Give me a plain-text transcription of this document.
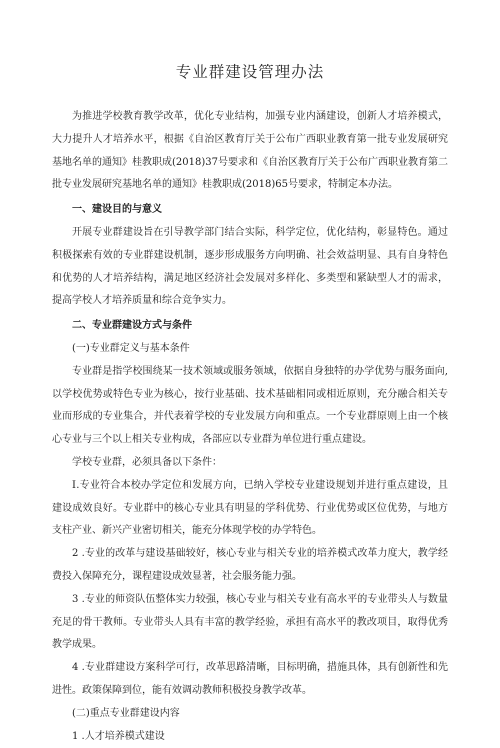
专业群建设管理办法

为推进学校教育教学改革，优化专业结构，加强专业内涵建设，创新人才培养模式，大力提升人才培养水平，根据《自治区教育厅关于公布广西职业教育第一批专业发展研究基地名单的通知》桂教职成(2018)37号要求和《自治区教育厅关于公布广西职业教育第二批专业发展研究基地名单的通知》桂教职成(2018)65号要求，特制定本办法。

一、建设目的与意义

开展专业群建设旨在引导教学部门结合实际，科学定位，优化结构，彰显特色。通过积极探索有效的专业群建设机制，逐步形成服务方向明确、社会效益明显、具有自身特色和优势的人才培养结构，满足地区经济社会发展对多样化、多类型和紧缺型人才的需求，提高学校人才培养质量和综合竞争实力。

二、专业群建设方式与条件

(一)专业群定义与基本条件

专业群是指学校围绕某一技术领域或服务领域，依据自身独特的办学优势与服务面向,以学校优势或特色专业为核心，按行业基础、技术基础相同或相近原则，充分融合相关专业而形成的专业集合，并代表着学校的专业发展方向和重点。一个专业群原则上由一个核心专业与三个以上相关专业构成，各部应以专业群为单位进行重点建设。

学校专业群，必须具备以下条件：

Ⅰ.专业符合本校办学定位和发展方向，已纳入学校专业建设规划并进行重点建设，且建设成效良好。专业群中的核心专业具有明显的学科优势、行业优势或区位优势，与地方支柱产业、新兴产业密切相关，能充分体现学校的办学特色。

2 .专业的改革与建设基础较好，核心专业与相关专业的培养模式改革力度大，教学经费投入保障充分，课程建设成效显著，社会服务能力强。

3 .专业的师资队伍整体实力较强，核心专业与相关专业有高水平的专业带头人与数量充足的骨干教师。专业带头人具有丰富的教学经验，承担有高水平的教改项目，取得优秀教学成果。

4 .专业群建设方案科学可行，改革思路清晰，目标明确，措施具体，具有创新性和先进性。政策保障到位，能有效调动教师积极投身教学改革。

(二)重点专业群建设内容

1 .人才培养模式建设
